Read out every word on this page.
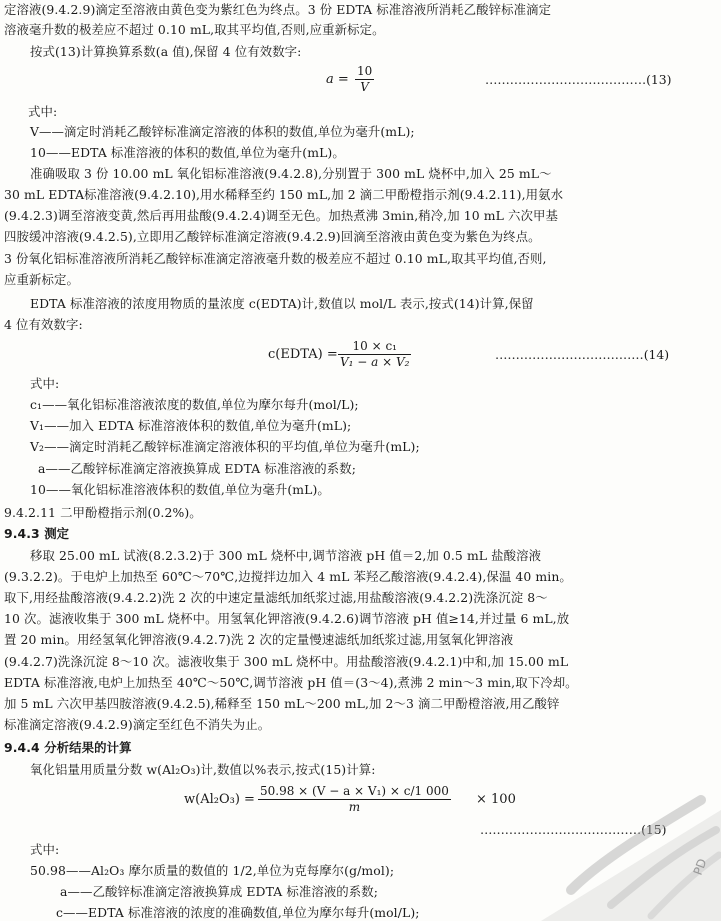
定溶液(9.4.2.9)滴定至溶液由黄色变为紫红色为终点。3 份 EDTA 标准溶液所消耗乙酸锌标准滴定
溶液毫升数的极差应不超过 0.10 mL,取其平均值,否则,应重新标定。
按式(13)计算换算系数(a 值),保留 4 位有效数字:
$a = \frac{10}{V}$	…………………………………(13)
式中:
V——滴定时消耗乙酸锌标准滴定溶液的体积的数值,单位为毫升(mL);
10——EDTA 标准溶液的体积的数值,单位为毫升(mL)。
准确吸取 3 份 10.00 mL 氧化铝标准溶液(9.4.2.8),分别置于 300 mL 烧杯中,加入 25 mL～
30 mL EDTA标准溶液(9.4.2.10),用水稀释至约 150 mL,加 2 滴二甲酚橙指示剂(9.4.2.11),用氨水
(9.4.2.3)调至溶液变黄,然后再用盐酸(9.4.2.4)调至无色。加热煮沸 3min,稍冷,加 10 mL 六次甲基
四胺缓冲溶液(9.4.2.5),立即用乙酸锌标准滴定溶液(9.4.2.9)回滴至溶液由黄色变为紫色为终点。
3 份氧化铝标准溶液所消耗乙酸锌标准滴定溶液毫升数的极差应不超过 0.10 mL,取其平均值,否则,
应重新标定。
EDTA 标准溶液的浓度用物质的量浓度 c(EDTA)计,数值以 mol/L 表示,按式(14)计算,保留
4 位有效数字:
c(EDTA) = $\frac{\text{10 × c₁}}{\text{V₁ − a × V₂}}$	………………………………(14)
式中:
c₁——氧化铝标准溶液浓度的数值,单位为摩尔每升(mol/L);
V₁——加入 EDTA 标准溶液体积的数值,单位为毫升(mL);
V₂——滴定时消耗乙酸锌标准滴定溶液体积的平均值,单位为毫升(mL);
a——乙酸锌标准滴定溶液换算成 EDTA 标准溶液的系数;
10——氧化铝标准溶液体积的数值,单位为毫升(mL)。
9.4.2.11 二甲酚橙指示剂(0.2%)。
9.4.3 测定
移取 25.00 mL 试液(8.2.3.2)于 300 mL 烧杯中,调节溶液 pH 值＝2,加 0.5 mL 盐酸溶液
(9.3.2.2)。于电炉上加热至 60℃～70℃,边搅拌边加入 4 mL 苯羟乙酸溶液(9.4.2.4),保温 40 min。
取下,用经盐酸溶液(9.4.2.2)洗 2 次的中速定量滤纸加纸浆过滤,用盐酸溶液(9.4.2.2)洗涤沉淀 8～
10 次。滤液收集于 300 mL 烧杯中。用氢氧化钾溶液(9.4.2.6)调节溶液 pH 值≥14,并过量 6 mL,放
置 20 min。用经氢氧化钾溶液(9.4.2.7)洗 2 次的定量慢速滤纸加纸浆过滤,用氢氧化钾溶液
(9.4.2.7)洗涤沉淀 8～10 次。滤液收集于 300 mL 烧杯中。用盐酸溶液(9.4.2.1)中和,加 15.00 mL
EDTA 标准溶液,电炉上加热至 40℃～50℃,调节溶液 pH 值＝(3～4),煮沸 2 min～3 min,取下冷却。
加 5 mL 六次甲基四胺溶液(9.4.2.5),稀释至 150 mL～200 mL,加 2～3 滴二甲酚橙溶液,用乙酸锌
标准滴定溶液(9.4.2.9)滴定至红色不消失为止。
9.4.4 分析结果的计算
氧化铝量用质量分数 w(Al₂O₃)计,数值以%表示,按式(15)计算:
$w(Al_2O_3) = \frac{\text{50.98 × (V − a × V₁) × c/1 000}}{m} \times 100$
…………………………………(15)
式中:
50.98——Al₂O₃ 摩尔质量的数值的 1/2,单位为克每摩尔(g/mol);
a——乙酸锌标准滴定溶液换算成 EDTA 标准溶液的系数;
c——EDTA 标准溶液的浓度的准确数值,单位为摩尔每升(mol/L);
PD
